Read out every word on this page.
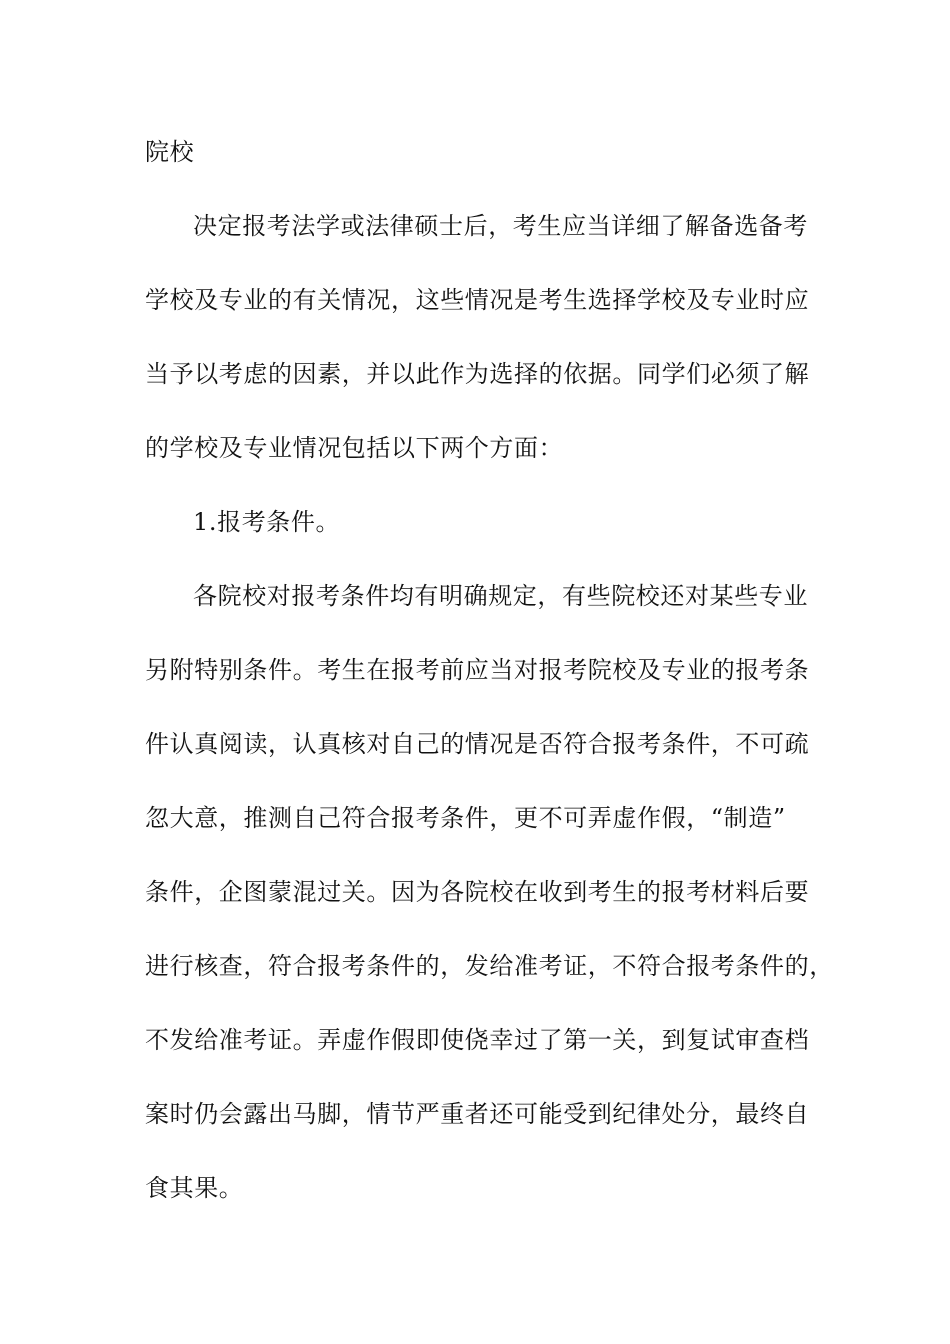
院校

决定报考法学或法律硕士后，考生应当详细了解备选备考

学校及专业的有关情况，这些情况是考生选择学校及专业时应

当予以考虑的因素，并以此作为选择的依据。同学们必须了解

的学校及专业情况包括以下两个方面：

1.报考条件。

各院校对报考条件均有明确规定，有些院校还对某些专业

另附特别条件。考生在报考前应当对报考院校及专业的报考条

件认真阅读，认真核对自己的情况是否符合报考条件，不可疏

忽大意，推测自己符合报考条件，更不可弄虚作假，“制造”

条件，企图蒙混过关。因为各院校在收到考生的报考材料后要

进行核查，符合报考条件的，发给准考证，不符合报考条件的，

不发给准考证。弄虚作假即使侥幸过了第一关，到复试审查档

案时仍会露出马脚，情节严重者还可能受到纪律处分，最终自

食其果。
